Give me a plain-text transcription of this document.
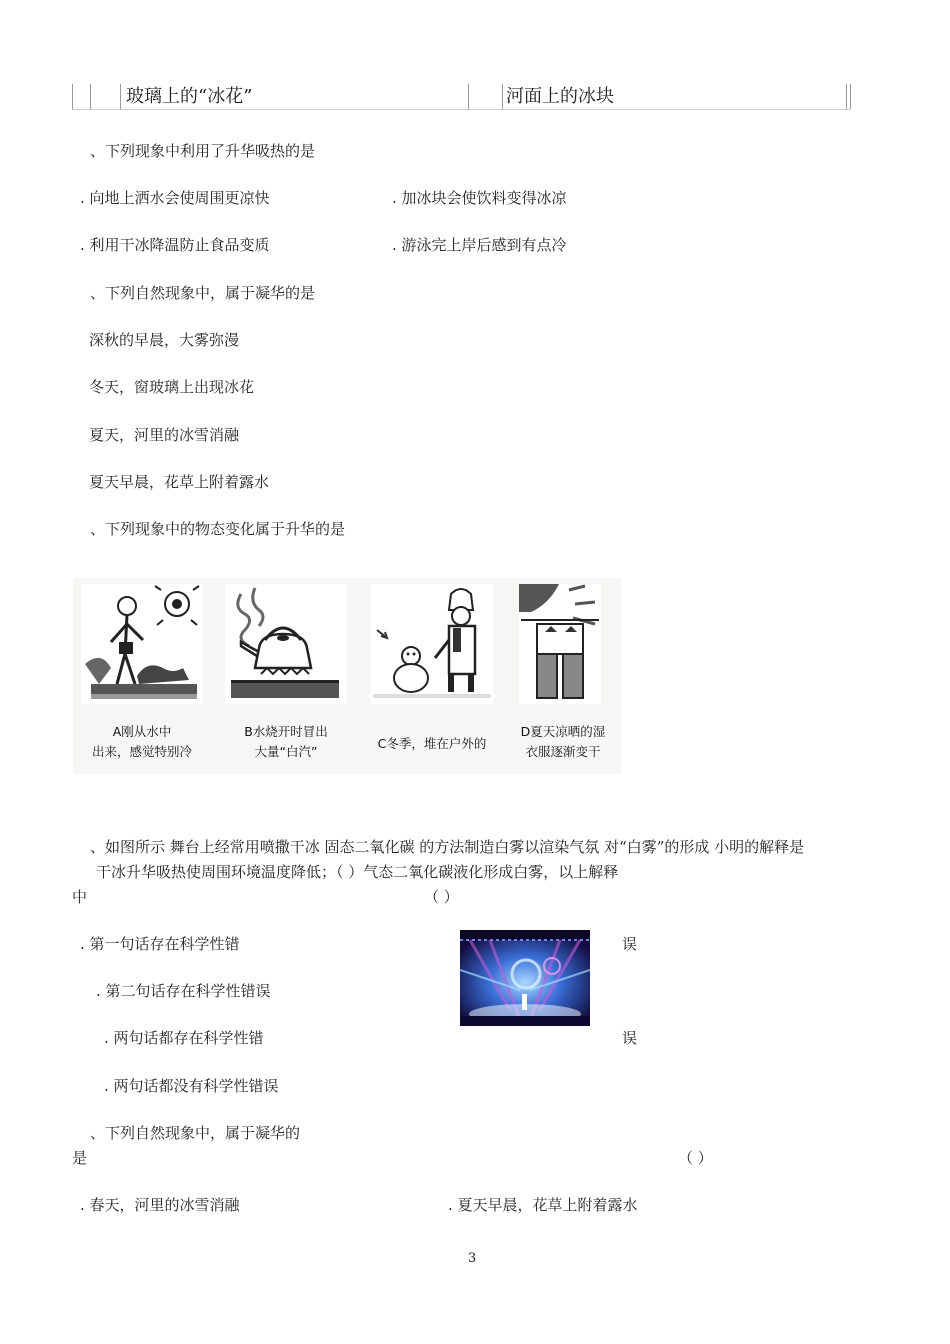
玻璃上的“冰花”	河面上的冰块
、下列现象中利用了升华吸热的是
. 向地上洒水会使周围更凉快	. 加冰块会使饮料变得冰凉
. 利用干冰降温防止食品变质	. 游泳完上岸后感到有点冷
、下列自然现象中，属于凝华的是
深秋的早晨，大雾弥漫
冬天，窗玻璃上出现冰花
夏天，河里的冰雪消融
夏天早晨，花草上附着露水
、下列现象中的物态变化属于升华的是
A刚从水中
出来，感觉特别冷
B水烧开时冒出
大量“白汽”
C冬季，堆在户外的
D夏天凉晒的湿
衣服逐渐变干
、如图所示 舞台上经常用喷撒干冰 固态二氧化碳 的方法制造白雾以渲染气氛 对“白雾”的形成 小明的解释是
干冰升华吸热使周围环境温度降低；（ ）气态二氧化碳液化形成白雾，以上解释
中	（ ）
. 第一句话存在科学性错	误
. 第二句话存在科学性错误
. 两句话都存在科学性错	误
. 两句话都没有科学性错误
、下列自然现象中，属于凝华的
是	（ ）
. 春天，河里的冰雪消融	. 夏天早晨，花草上附着露水
3
